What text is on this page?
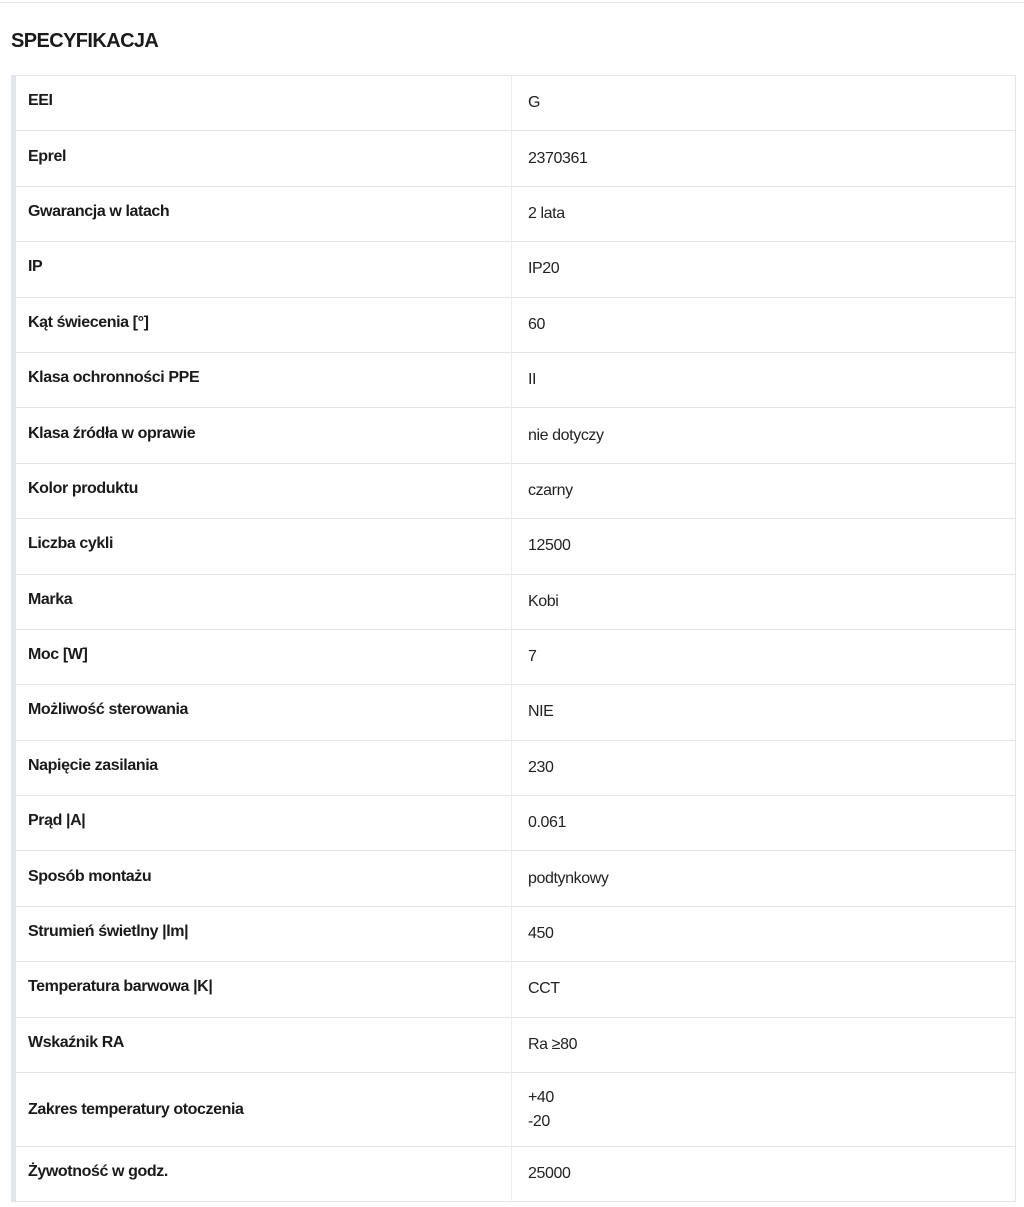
SPECYFIKACJA
EEI	G
Eprel	2370361
Gwarancja w latach	2 lata
IP	IP20
Kąt świecenia [°]	60
Klasa ochronności PPE	II
Klasa źródła w oprawie	nie dotyczy
Kolor produktu	czarny
Liczba cykli	12500
Marka	Kobi
Moc [W]	7
Możliwość sterowania	NIE
Napięcie zasilania	230
Prąd |A|	0.061
Sposób montażu	podtynkowy
Strumień świetlny |lm|	450
Temperatura barwowa |K|	CCT
Wskaźnik RA	Ra ≥80
Zakres temperatury otoczenia	+40
-20

Żywotność w godz.	25000
